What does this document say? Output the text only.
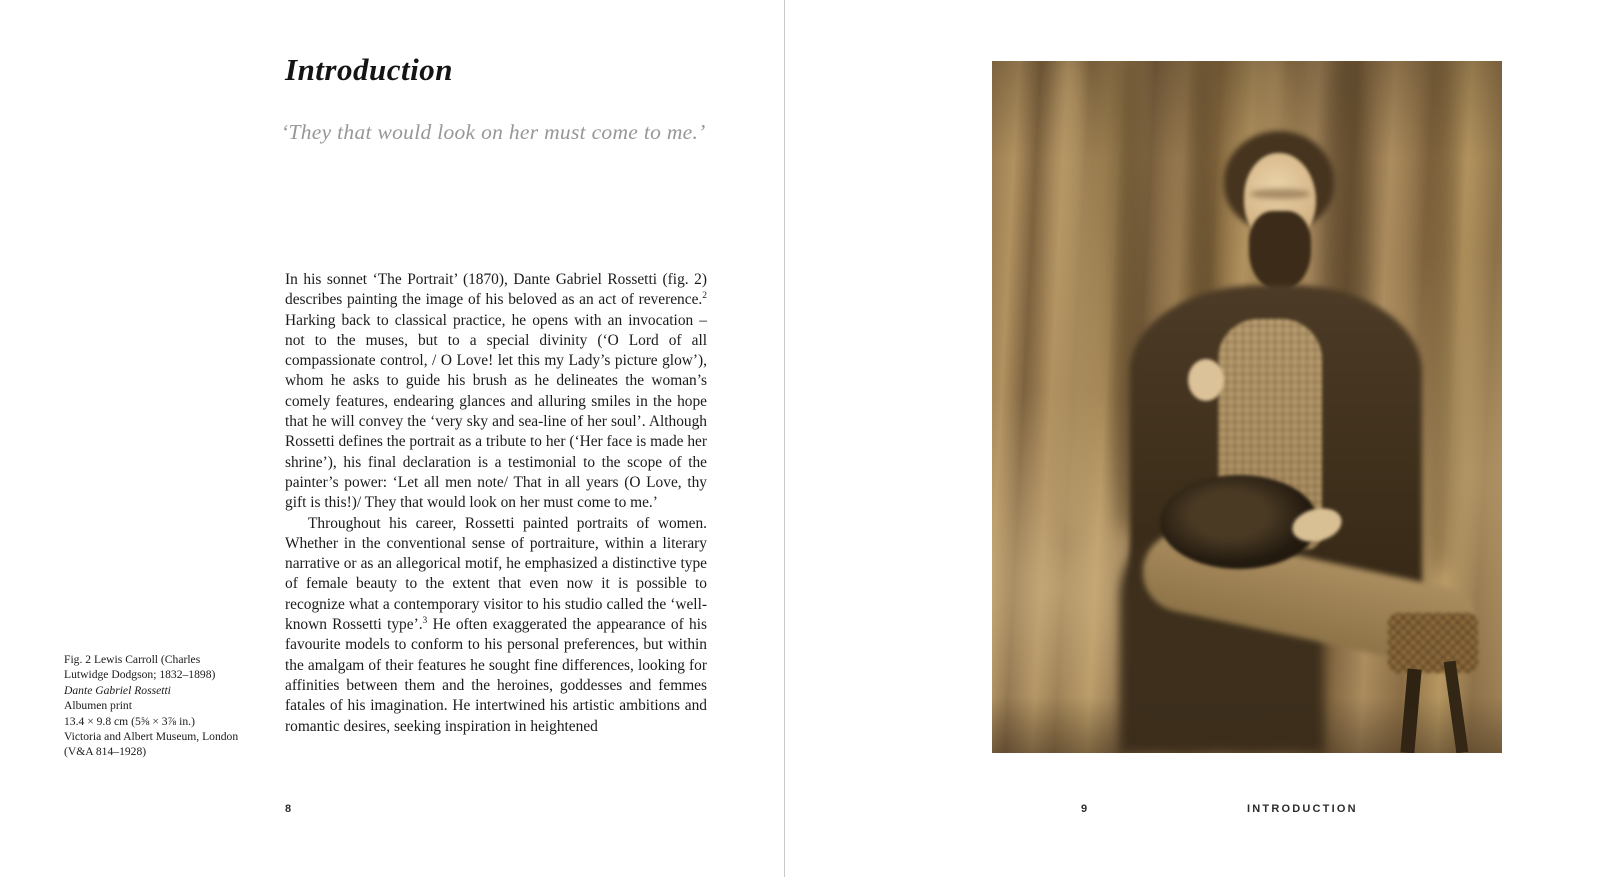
Introduction
‘They that would look on her must come to me.’

In his sonnet ‘The Portrait’ (1870), Dante Gabriel Rossetti (fig. 2) describes painting the image of his beloved as an act of reverence.$^2$ Harking back to classical practice, he opens with an invocation – not to the muses, but to a special divinity (‘O Lord of all compassionate control, / O Love! let this my Lady’s picture glow’), whom he asks to guide his brush as he delineates the woman’s comely features, endearing glances and alluring smiles in the hope that he will convey the ‘very sky and sea-line of her soul’. Although Rossetti defines the portrait as a tribute to her (‘Her face is made her shrine’), his final declaration is a testimonial to the scope of the painter’s power: ‘Let all men note/ That in all years (O Love, thy gift is this!)/ They that would look on her must come to me.’

Throughout his career, Rossetti painted portraits of women. Whether in the conventional sense of portraiture, within a literary narrative or as an allegorical motif, he emphasized a distinctive type of female beauty to the extent that even now it is possible to recognize what a contemporary visitor to his studio called the ‘well-known Rossetti type’.$^3$ He often exaggerated the appearance of his favourite models to conform to his personal preferences, but within the amalgam of their features he sought fine differences, looking for affinities between them and the heroines, goddesses and femmes fatales of his imagination. He intertwined his artistic ambitions and romantic desires, seeking inspiration in heightened

Fig. 2 Lewis Carroll (Charles
Lutwidge Dodgson; 1832–1898)
Dante Gabriel Rossetti
Albumen print
13.4 × 9.8 cm (5⅝ × 3⅞ in.)
Victoria and Albert Museum, London
(V&A 814–1928)
8	9	INTRODUCTION
